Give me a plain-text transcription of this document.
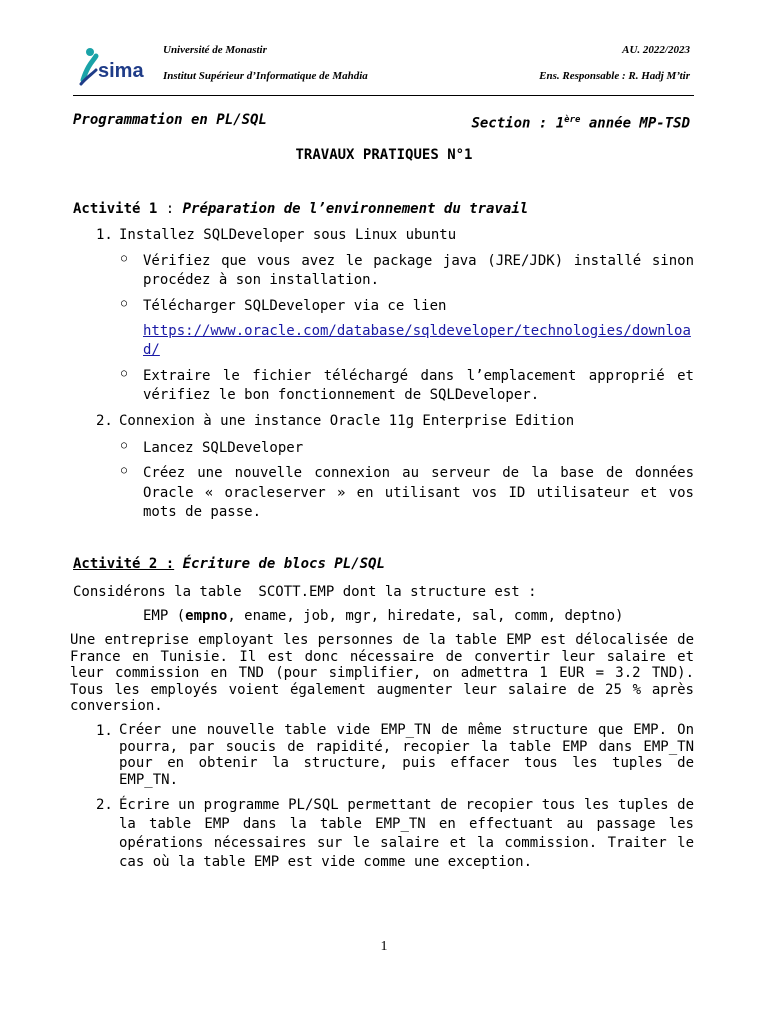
sima
Université de Monastir
Institut Supérieur d’Informatique de Mahdia
AU. 2022/2023
Ens. Responsable : R. Hadj M’tir
Programmation en PL/SQL	Section : 1ère année MP-TSD
TRAVAUX PRATIQUES N°1
Activité 1 : Préparation de l’environnement du travail
1. Installez SQLDeveloper sous Linux ubuntu
○ Vérifiez que vous avez le package java (JRE/JDK) installé sinon procédez à son installation.
○ Télécharger SQLDeveloper via ce lien
https://www.oracle.com/database/sqldeveloper/technologies/download/
○ Extraire le fichier téléchargé dans l’emplacement approprié et vérifiez le bon fonctionnement de SQLDeveloper.
2. Connexion à une instance Oracle 11g Enterprise Edition
○ Lancez SQLDeveloper
○ Créez une nouvelle connexion au serveur de la base de données Oracle « oracleserver » en utilisant vos ID utilisateur et vos mots de passe.
Activité 2 : Écriture de blocs PL/SQL
Considérons la table  SCOTT.EMP dont la structure est :
EMP (empno, ename, job, mgr, hiredate, sal, comm, deptno)
Une entreprise employant les personnes de la table EMP est délocalisée de France en Tunisie. Il est donc nécessaire de convertir leur salaire et leur commission en TND (pour simplifier, on admettra 1 EUR = 3.2 TND). Tous les employés voient également augmenter leur salaire de 25 % après conversion.
1. Créer une nouvelle table vide EMP_TN de même structure que EMP. On pourra, par soucis de rapidité, recopier la table EMP dans EMP_TN pour en obtenir la structure, puis effacer tous les tuples de EMP_TN.
2. Écrire un programme PL/SQL permettant de recopier tous les tuples de la table EMP dans la table EMP_TN en effectuant au passage les opérations nécessaires sur le salaire et la commission. Traiter le cas où la table EMP est vide comme une exception.
1
